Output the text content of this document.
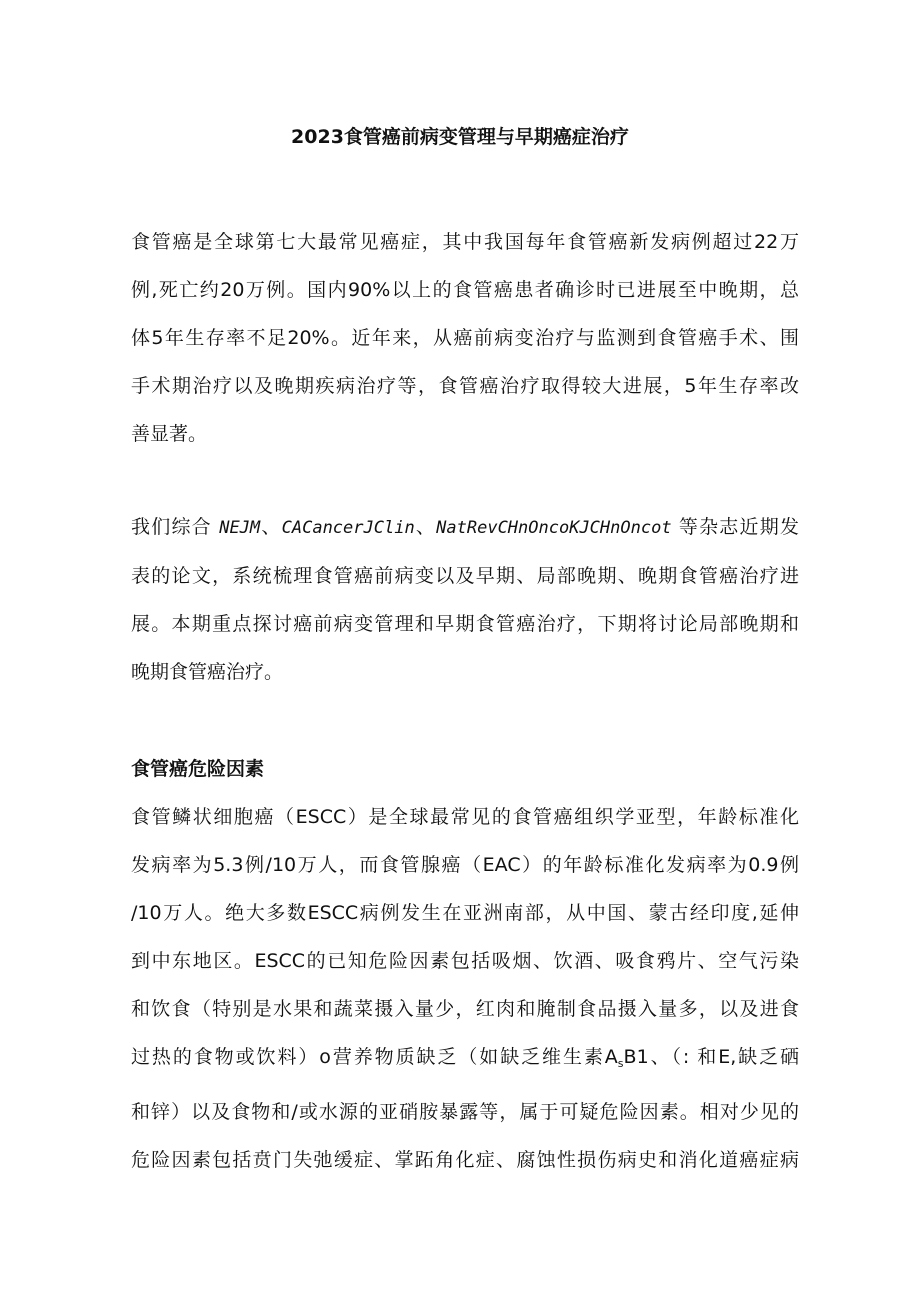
2023食管癌前病变管理与早期癌症治疗

食管癌是全球第七大最常见癌症，其中我国每年食管癌新发病例超过22万
例,死亡约20万例。国内90%以上的食管癌患者确诊时已进展至中晚期，总
体5年生存率不足20%。近年来，从癌前病变治疗与监测到食管癌手术、围
手术期治疗以及晚期疾病治疗等，食管癌治疗取得较大进展，5年生存率改
善显著。

我们综合 NEJM、CACancerJClin、NatRevCHnOncoKJCHnOncot 等杂志近期发
表的论文，系统梳理食管癌前病变以及早期、局部晚期、晚期食管癌治疗进
展。本期重点探讨癌前病变管理和早期食管癌治疗，下期将讨论局部晚期和
晚期食管癌治疗。

食管癌危险因素

食管鳞状细胞癌（ESCC）是全球最常见的食管癌组织学亚型，年龄标准化
发病率为5.3例/10万人，而食管腺癌（EAC）的年龄标准化发病率为0.9例
/10万人。绝大多数ESCC病例发生在亚洲南部，从中国、蒙古经印度,延伸
到中东地区。ESCC的已知危险因素包括吸烟、饮酒、吸食鸦片、空气污染
和饮食（特别是水果和蔬菜摄入量少，红肉和腌制食品摄入量多，以及进食
过热的食物或饮料）o营养物质缺乏（如缺乏维生素$A_sB1$、（: 和E,缺乏硒
和锌）以及食物和/或水源的亚硝胺暴露等，属于可疑危险因素。相对少见的
危险因素包括贲门失弛缓症、掌跖角化症、腐蚀性损伤病史和消化道癌症病
